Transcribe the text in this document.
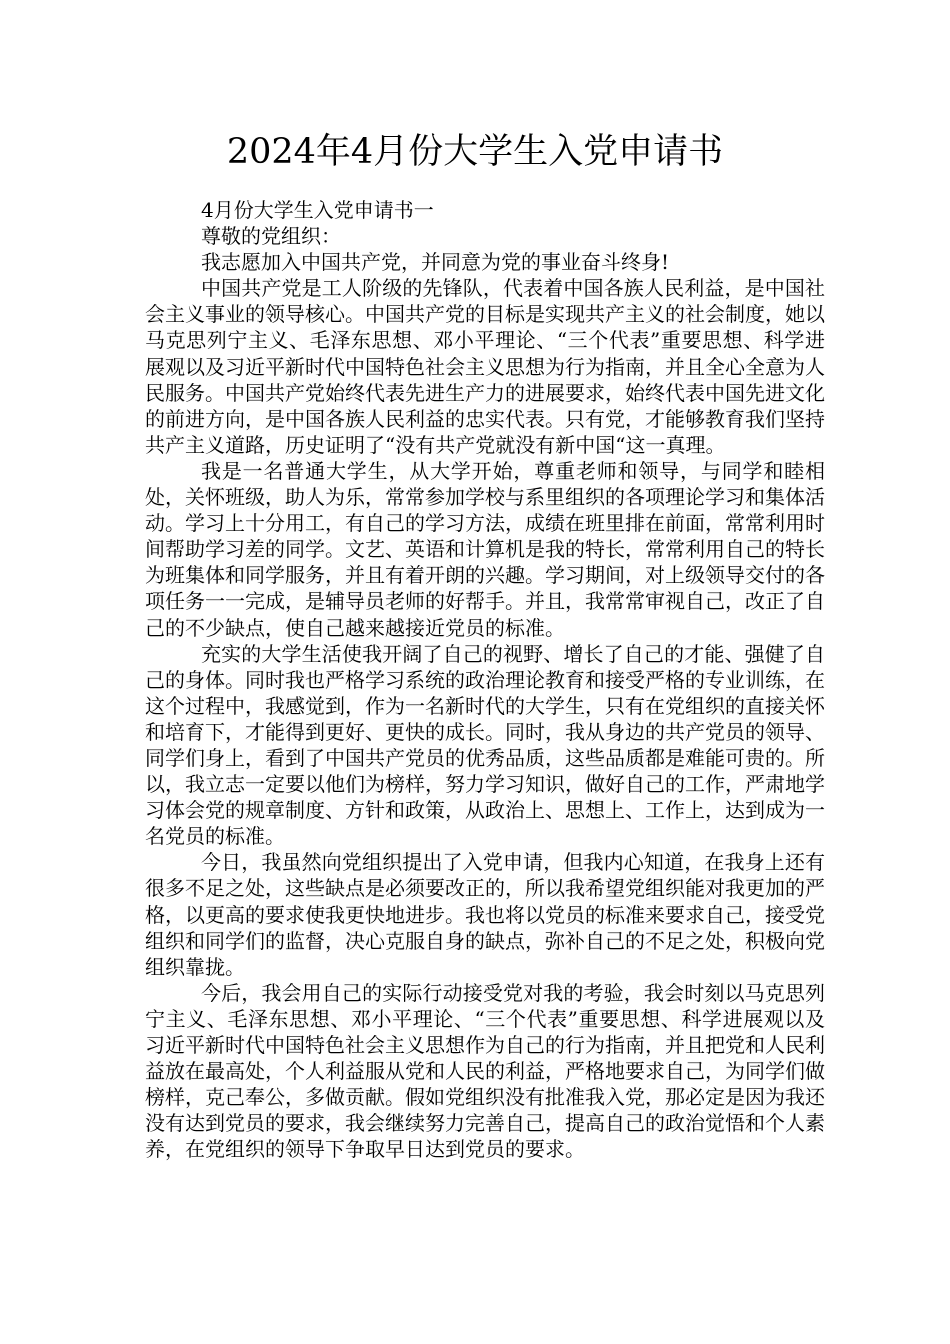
2024年4月份大学生入党申请书

4月份大学生入党申请书一

尊敬的党组织：

我志愿加入中国共产党，并同意为党的事业奋斗终身!

中国共产党是工人阶级的先锋队，代表着中国各族人民利益，是中国社会主义事业的领导核心。中国共产党的目标是实现共产主义的社会制度，她以马克思列宁主义、毛泽东思想、邓小平理论、“三个代表”重要思想、科学进展观以及习近平新时代中国特色社会主义思想为行为指南，并且全心全意为人民服务。中国共产党始终代表先进生产力的进展要求，始终代表中国先进文化的前进方向，是中国各族人民利益的忠实代表。只有党，才能够教育我们坚持共产主义道路，历史证明了“没有共产党就没有新中国“这一真理。

我是一名普通大学生，从大学开始，尊重老师和领导，与同学和睦相处，关怀班级，助人为乐，常常参加学校与系里组织的各项理论学习和集体活动。学习上十分用工，有自己的学习方法，成绩在班里排在前面，常常利用时间帮助学习差的同学。文艺、英语和计算机是我的特长，常常利用自己的特长为班集体和同学服务，并且有着开朗的兴趣。学习期间，对上级领导交付的各项任务一一完成，是辅导员老师的好帮手。并且，我常常审视自己，改正了自己的不少缺点，使自己越来越接近党员的标准。

充实的大学生活使我开阔了自己的视野、增长了自己的才能、强健了自己的身体。同时我也严格学习系统的政治理论教育和接受严格的专业训练，在这个过程中，我感觉到，作为一名新时代的大学生，只有在党组织的直接关怀和培育下，才能得到更好、更快的成长。同时，我从身边的共产党员的领导、同学们身上，看到了中国共产党员的优秀品质，这些品质都是难能可贵的。所以，我立志一定要以他们为榜样，努力学习知识，做好自己的工作，严肃地学习体会党的规章制度、方针和政策，从政治上、思想上、工作上，达到成为一名党员的标准。

今日，我虽然向党组织提出了入党申请，但我内心知道，在我身上还有很多不足之处，这些缺点是必须要改正的，所以我希望党组织能对我更加的严格，以更高的要求使我更快地进步。我也将以党员的标准来要求自己，接受党组织和同学们的监督，决心克服自身的缺点，弥补自己的不足之处，积极向党组织靠拢。

今后，我会用自己的实际行动接受党对我的考验，我会时刻以马克思列宁主义、毛泽东思想、邓小平理论、“三个代表”重要思想、科学进展观以及习近平新时代中国特色社会主义思想作为自己的行为指南，并且把党和人民利益放在最高处，个人利益服从党和人民的利益，严格地要求自己，为同学们做榜样，克己奉公，多做贡献。假如党组织没有批准我入党，那必定是因为我还没有达到党员的要求，我会继续努力完善自己，提高自己的政治觉悟和个人素养，在党组织的领导下争取早日达到党员的要求。
